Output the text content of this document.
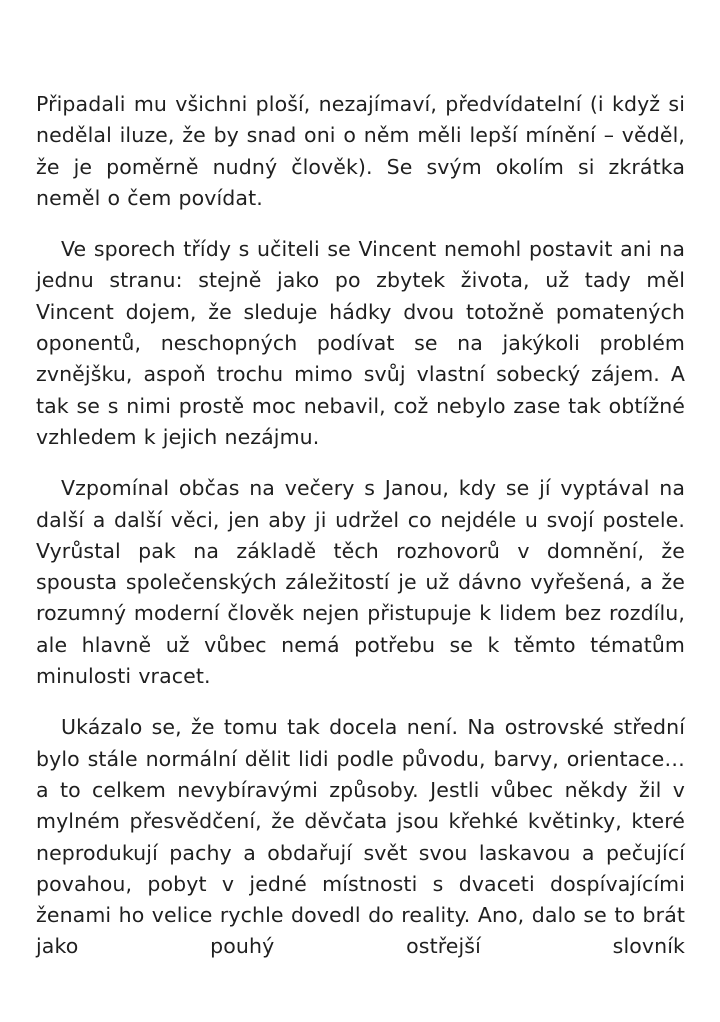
Připadali mu všichni ploší, nezajímaví, předvídatelní (i když si nedělal iluze, že by snad oni o něm měli lepší mínění – věděl, že je poměrně nudný člověk). Se svým okolím si zkrátka neměl o čem povídat.

Ve sporech třídy s učiteli se Vincent nemohl postavit ani na jednu stranu: stejně jako po zbytek života, už tady měl Vincent dojem, že sleduje hádky dvou totožně pomatených oponentů, neschopných podívat se na jakýkoli problém zvnějšku, aspoň trochu mimo svůj vlastní sobecký zájem. A tak se s nimi prostě moc nebavil, což nebylo zase tak obtížné vzhledem k jejich nezájmu.

Vzpomínal občas na večery s Janou, kdy se jí vyptával na další a další věci, jen aby ji udržel co nejdéle u svojí postele. Vyrůstal pak na základě těch rozhovorů v domnění, že spousta společenských záležitostí je už dávno vyřešená, a že rozumný moderní člověk nejen přistupuje k lidem bez rozdílu, ale hlavně už vůbec nemá potřebu se k těmto tématům minulosti vracet.

Ukázalo se, že tomu tak docela není. Na ostrovské střední bylo stále normální dělit lidi podle původu, barvy, orientace… a to celkem nevybíravými způsoby. Jestli vůbec někdy žil v mylném přesvědčení, že děvčata jsou křehké květinky, které neprodukují pachy a obdařují svět svou laskavou a pečující povahou, pobyt v jedné místnosti s dvaceti dospívajícími ženami ho velice rychle dovedl do reality. Ano, dalo se to brát jako pouhý ostřejší slovník
